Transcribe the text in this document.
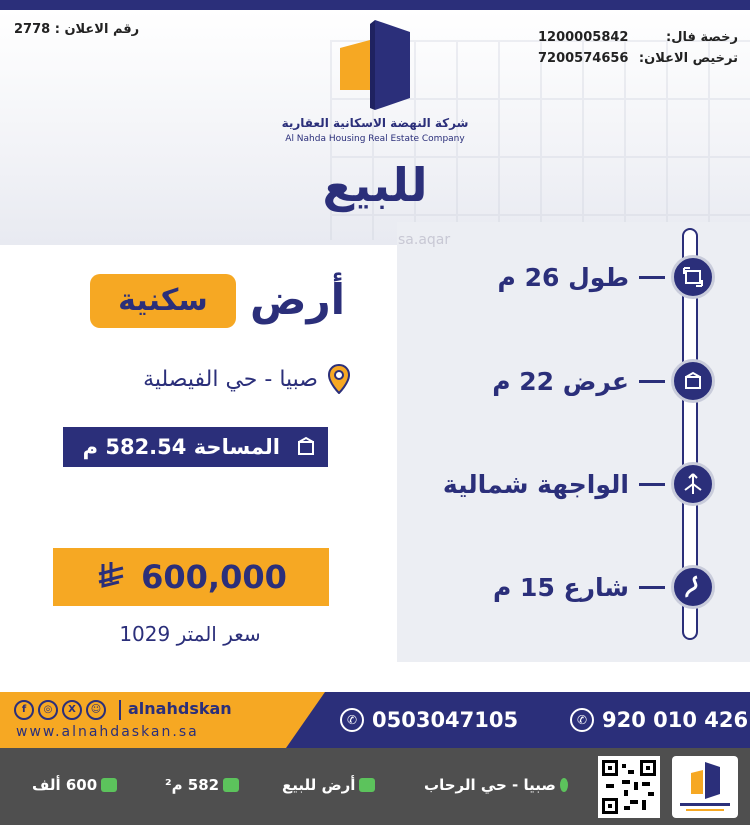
رقم الاعلان : 2778
1200005842	رخصة فال:
7200574656 ترخيص الاعلان:
شركة النهضة الاسكانية العقارية
Al Nahda Housing Real Estate Company
للبيع
sa.aqar
طول 26 م
عرض 22 م
الواجهة شمالية
شارع 15 م
أرض
سكنية
صبيا - حي الفيصلية
المساحة 582.54 م
600,000
سعر المتر 1029
f	◎	X	☺ alnahdskan
www.alnahdaskan.sa
✆ 0503047105	✆ 920 010 426
600 ألف	582 م²	أرض للبيع	صبيا - حي الرحاب
